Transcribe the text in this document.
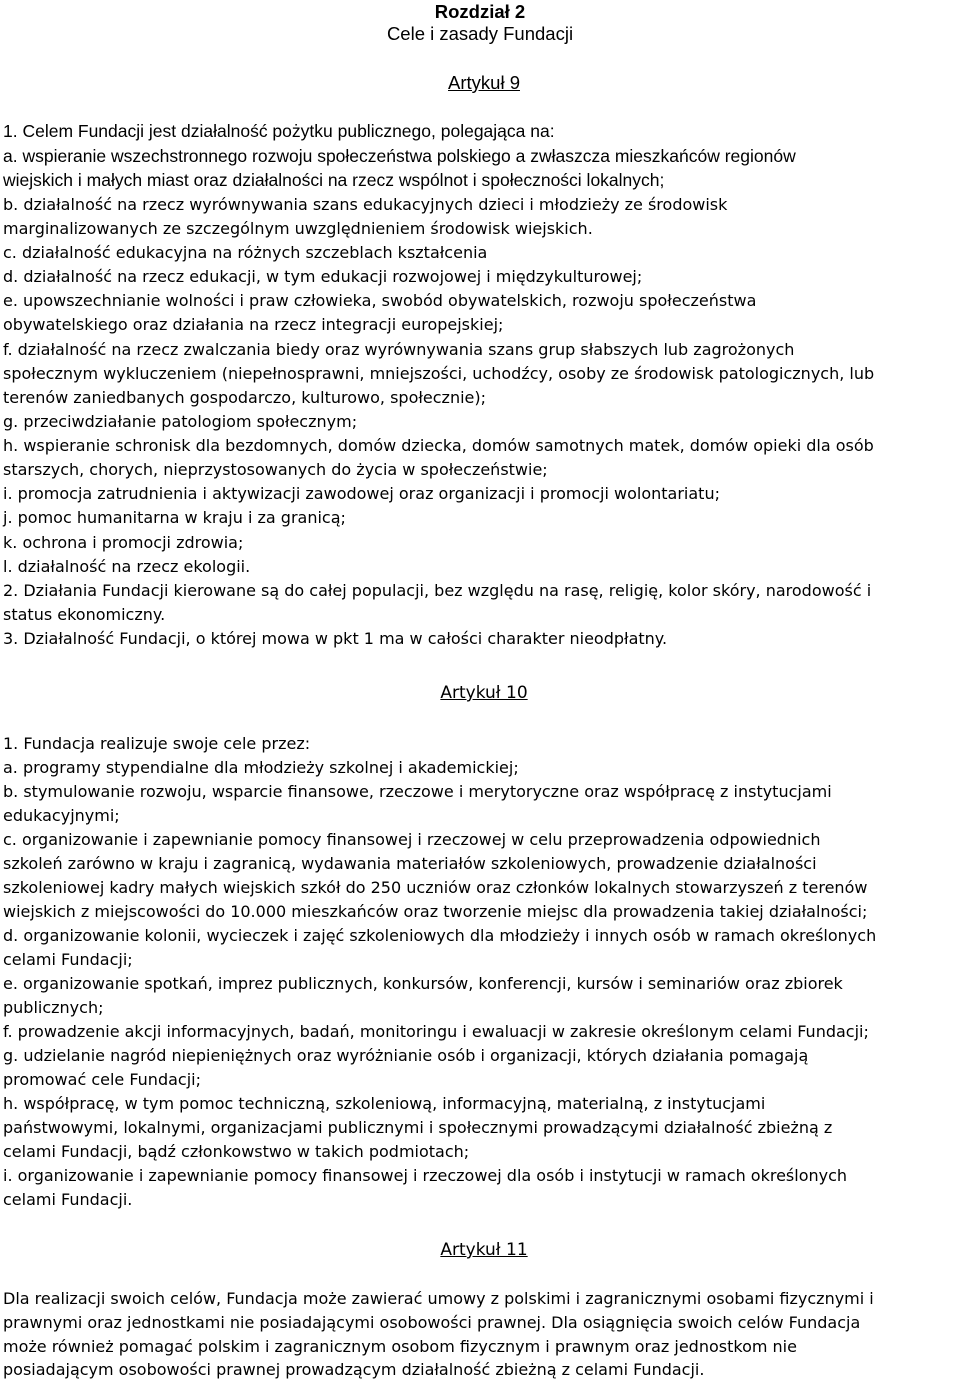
Rozdział 2
Cele i zasady Fundacji
Artykuł 9
1. Celem Fundacji jest działalność pożytku publicznego, polegająca na:
a. wspieranie wszechstronnego rozwoju społeczeństwa polskiego a zwłaszcza mieszkańców regionów
wiejskich i małych miast oraz działalności na rzecz wspólnot i społeczności lokalnych;
b. działalność na rzecz wyrównywania szans edukacyjnych dzieci i młodzieży ze środowisk
marginalizowanych ze szczególnym uwzględnieniem środowisk wiejskich.
c. działalność edukacyjna na różnych szczeblach kształcenia
d. działalność na rzecz edukacji, w tym edukacji rozwojowej i międzykulturowej;
e. upowszechnianie wolności i praw człowieka, swobód obywatelskich, rozwoju społeczeństwa
obywatelskiego oraz działania na rzecz integracji europejskiej;
f. działalność na rzecz zwalczania biedy oraz wyrównywania szans grup słabszych lub zagrożonych
społecznym wykluczeniem (niepełnosprawni, mniejszości, uchodźcy, osoby ze środowisk patologicznych, lub
terenów zaniedbanych gospodarczo, kulturowo, społecznie);
g. przeciwdziałanie patologiom społecznym;
h. wspieranie schronisk dla bezdomnych, domów dziecka, domów samotnych matek, domów opieki dla osób
starszych, chorych, nieprzystosowanych do życia w społeczeństwie;
i. promocja zatrudnienia i aktywizacji zawodowej oraz organizacji i promocji wolontariatu;
j. pomoc humanitarna w kraju i za granicą;
k. ochrona i promocji zdrowia;
l. działalność na rzecz ekologii.
2. Działania Fundacji kierowane są do całej populacji, bez względu na rasę, religię, kolor skóry, narodowość i
status ekonomiczny.
3. Działalność Fundacji, o której mowa w pkt 1 ma w całości charakter nieodpłatny.
Artykuł 10
1. Fundacja realizuje swoje cele przez:
a. programy stypendialne dla młodzieży szkolnej i akademickiej;
b. stymulowanie rozwoju, wsparcie finansowe, rzeczowe i merytoryczne oraz współpracę z instytucjami
edukacyjnymi;
c. organizowanie i zapewnianie pomocy finansowej i rzeczowej w celu przeprowadzenia odpowiednich
szkoleń zarówno w kraju i zagranicą, wydawania materiałów szkoleniowych, prowadzenie działalności
szkoleniowej kadry małych wiejskich szkół do 250 uczniów oraz członków lokalnych stowarzyszeń z terenów
wiejskich z miejscowości do 10.000 mieszkańców oraz tworzenie miejsc dla prowadzenia takiej działalności;
d. organizowanie kolonii, wycieczek i zajęć szkoleniowych dla młodzieży i innych osób w ramach określonych
celami Fundacji;
e. organizowanie spotkań, imprez publicznych, konkursów, konferencji, kursów i seminariów oraz zbiorek
publicznych;
f. prowadzenie akcji informacyjnych, badań, monitoringu i ewaluacji w zakresie określonym celami Fundacji;
g. udzielanie nagród niepieniężnych oraz wyróżnianie osób i organizacji, których działania pomagają
promować cele Fundacji;
h. współpracę, w tym pomoc techniczną, szkoleniową, informacyjną, materialną, z instytucjami
państwowymi, lokalnymi, organizacjami publicznymi i społecznymi prowadzącymi działalność zbieżną z
celami Fundacji, bądź członkowstwo w takich podmiotach;
i. organizowanie i zapewnianie pomocy finansowej i rzeczowej dla osób i instytucji w ramach określonych
celami Fundacji.
Artykuł 11
Dla realizacji swoich celów, Fundacja może zawierać umowy z polskimi i zagranicznymi osobami fizycznymi i
prawnymi oraz jednostkami nie posiadającymi osobowości prawnej. Dla osiągnięcia swoich celów Fundacja
może również pomagać polskim i zagranicznym osobom fizycznym i prawnym oraz jednostkom nie
posiadającym osobowości prawnej prowadzącym działalność zbieżną z celami Fundacji.
